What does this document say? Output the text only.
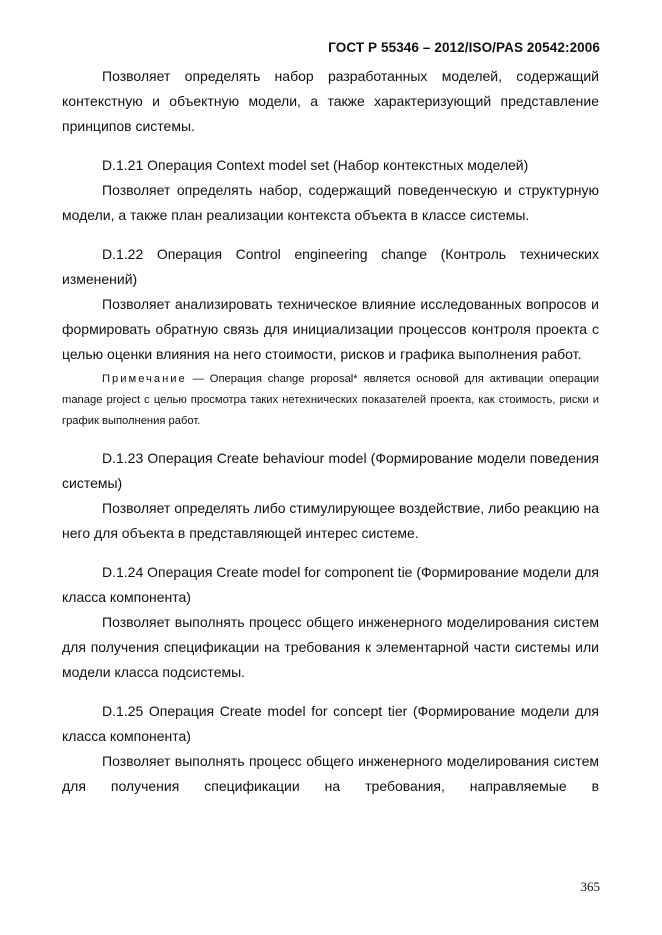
ГОСТ Р 55346 – 2012/ISO/PAS 20542:2006

Позволяет определять набор разработанных моделей, содержащий контекстную и объектную модели, а также характеризующий представление принципов системы.

D.1.21 Операция Context model set (Набор контекстных моделей)

Позволяет определять набор, содержащий поведенческую и структурную модели, а также план реализации контекста объекта в классе системы.

D.1.22 Операция Control engineering change (Контроль технических изменений)

Позволяет анализировать техническое влияние исследованных вопросов и формировать обратную связь для инициализации процессов контроля проекта с целью оценки влияния на него стоимости, рисков и графика выполнения работ.

Примечание — Операция change proposal* является основой для активации операции manage project с целью просмотра таких нетехнических показателей проекта, как стоимость, риски и график выполнения работ.

D.1.23 Операция Create behaviour model (Формирование модели поведения системы)

Позволяет определять либо стимулирующее воздействие, либо реакцию на него для объекта в представляющей интерес системе.

D.1.24 Операция Create model for component tie (Формирование модели для класса компонента)

Позволяет выполнять процесс общего инженерного моделирования систем для получения спецификации на требования к элементарной части системы или модели класса подсистемы.

D.1.25 Операция Create model for concept tier (Формирование модели для класса компонента)

Позволяет выполнять процесс общего инженерного моделирования систем для получения спецификации на требования, направляемые в

365
